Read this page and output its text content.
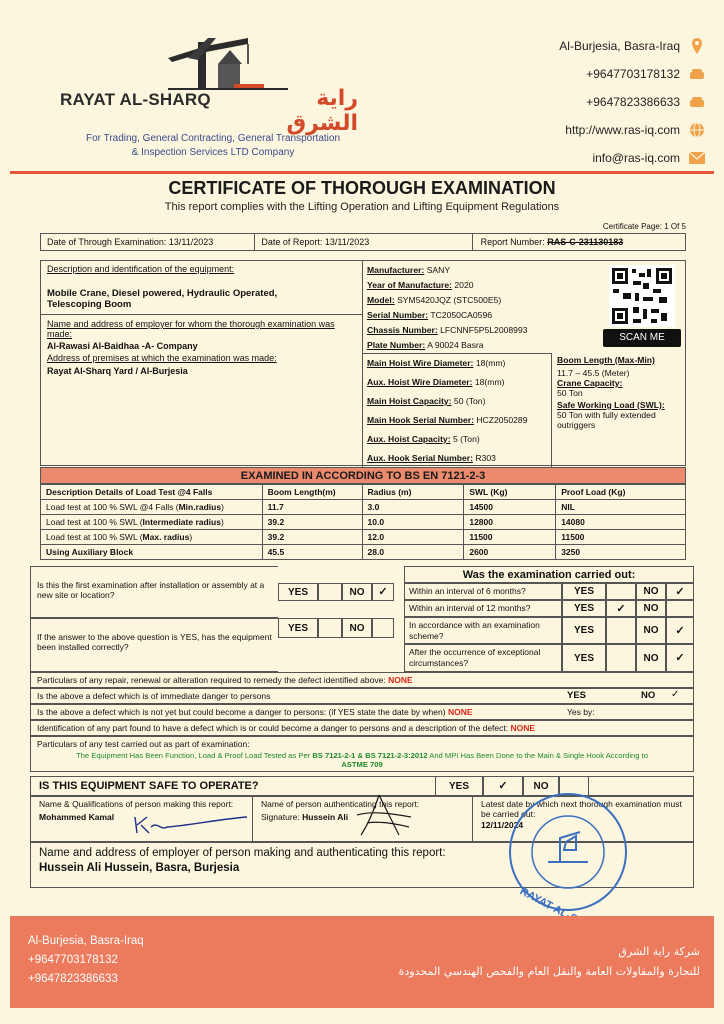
RAYAT AL-SHARQ	راية الشرق
For Trading, General Contracting, General Transportation
& Inspection Services LTD Company
Al-Burjesia, Basra-Iraq
+9647703178132
+9647823386633
http://www.ras-iq.com
info@ras-iq.com
CERTIFICATE OF THOROUGH EXAMINATION
This report complies with the Lifting Operation and Lifting Equipment Regulations
Certificate Page: 1 Of 5
Date of Through Examination: 13/11/2023	Date of Report: 13/11/2023	Report Number: RAS-C-231130183
Description and identification of the equipment:
Mobile Crane, Diesel powered, Hydraulic Operated,
Telescoping Boom
Name and address of employer for whom the thorough examination was made:
Al-Rawasi Al-Baidhaa -A- Company
Address of premises at which the examination was made:
Rayat Al-Sharq Yard / Al-Burjesia
Manufacturer: SANY
Year of Manufacture: 2020
Model: SYM5420JQZ (STC500E5)
Serial Number: TC2050CA0596
Chassis Number: LFCNNF5P5L2008993
Plate Number: A 90024 Basra
Main Hoist Wire Diameter: 18(mm)
Aux. Hoist Wire Diameter: 18(mm)
Main Hoist Capacity: 50 (Ton)
Main Hook Serial Number: HCZ2050289
Aux. Hoist Capacity: 5 (Ton)
Aux. Hook Serial Number: R303
SCAN ME
Boom Length (Max-Min)
11.7 – 45.5 (Meter)
Crane Capacity:
50 Ton
Safe Working Load (SWL):
50 Ton with fully extended
outriggers
EXAMINED IN ACCORDING TO BS EN 7121-2-3
Description Details of Load Test @4 Falls	Boom Length(m)	Radius (m)	SWL (Kg)	Proof Load (Kg)
Load test at 100 % SWL @4 Falls (Min.radius)	11.7	3.0	14500	NIL
Load test at 100 % SWL (Intermediate radius)	39.2	10.0	12800	14080
Load test at 100 % SWL (Max. radius)	39.2	12.0	11500	11500
Using Auxiliary Block	45.5	28.0	2600	3250
Is this the first examination after installation or assembly at a new site or location?	YES	NO	✓
If the answer to the above question is YES, has the equipment been installed correctly?
YES	NO
Was the examination carried out:
Within an interval of 6 months?	YES	NO	✓
Within an interval of 12 months?	YES	✓	NO
In accordance with an examination scheme?	YES	NO	✓
After the occurrence of exceptional circumstances?	YES	NO	✓
Particulars of any repair, renewal or alteration required to remedy the defect identified above: NONE
Is the above a defect which is of immediate danger to persons	YES	NO ✓
Is the above a defect which is not yet but could become a danger to persons: (if YES state the date by when) NONE	Yes by:
Identification of any part found to have a defect which is or could become a danger to persons and a description of the defect: NONE
Particulars of any test carried out as part of examination:
The Equipment Has Been Function, Load & Proof Load Tested as Per BS 7121-2-1 & BS 7121-2-3:2012 And MPI Has Been Done to the Main & Single Hook According to
ASTME 709
IS THIS EQUIPMENT SAFE TO OPERATE?	YES	✓	NO
Name & Qualifications of person making this report:
Mohammed Kamal
Name of person authenticating this report:
Signature: Hussein Ali
Latest date by which next thorough examination must be carried out:
12/11/2024
Name and address of employer of person making and authenticating this report:
Hussein Ali Hussein, Basra, Burjesia
Al-Burjesia, Basra-Iraq
+9647703178132
+9647823386633
شركة راية الشرق
للتجارة والمقاولات العامة والنقل العام والفحص الهندسي المحدودة
